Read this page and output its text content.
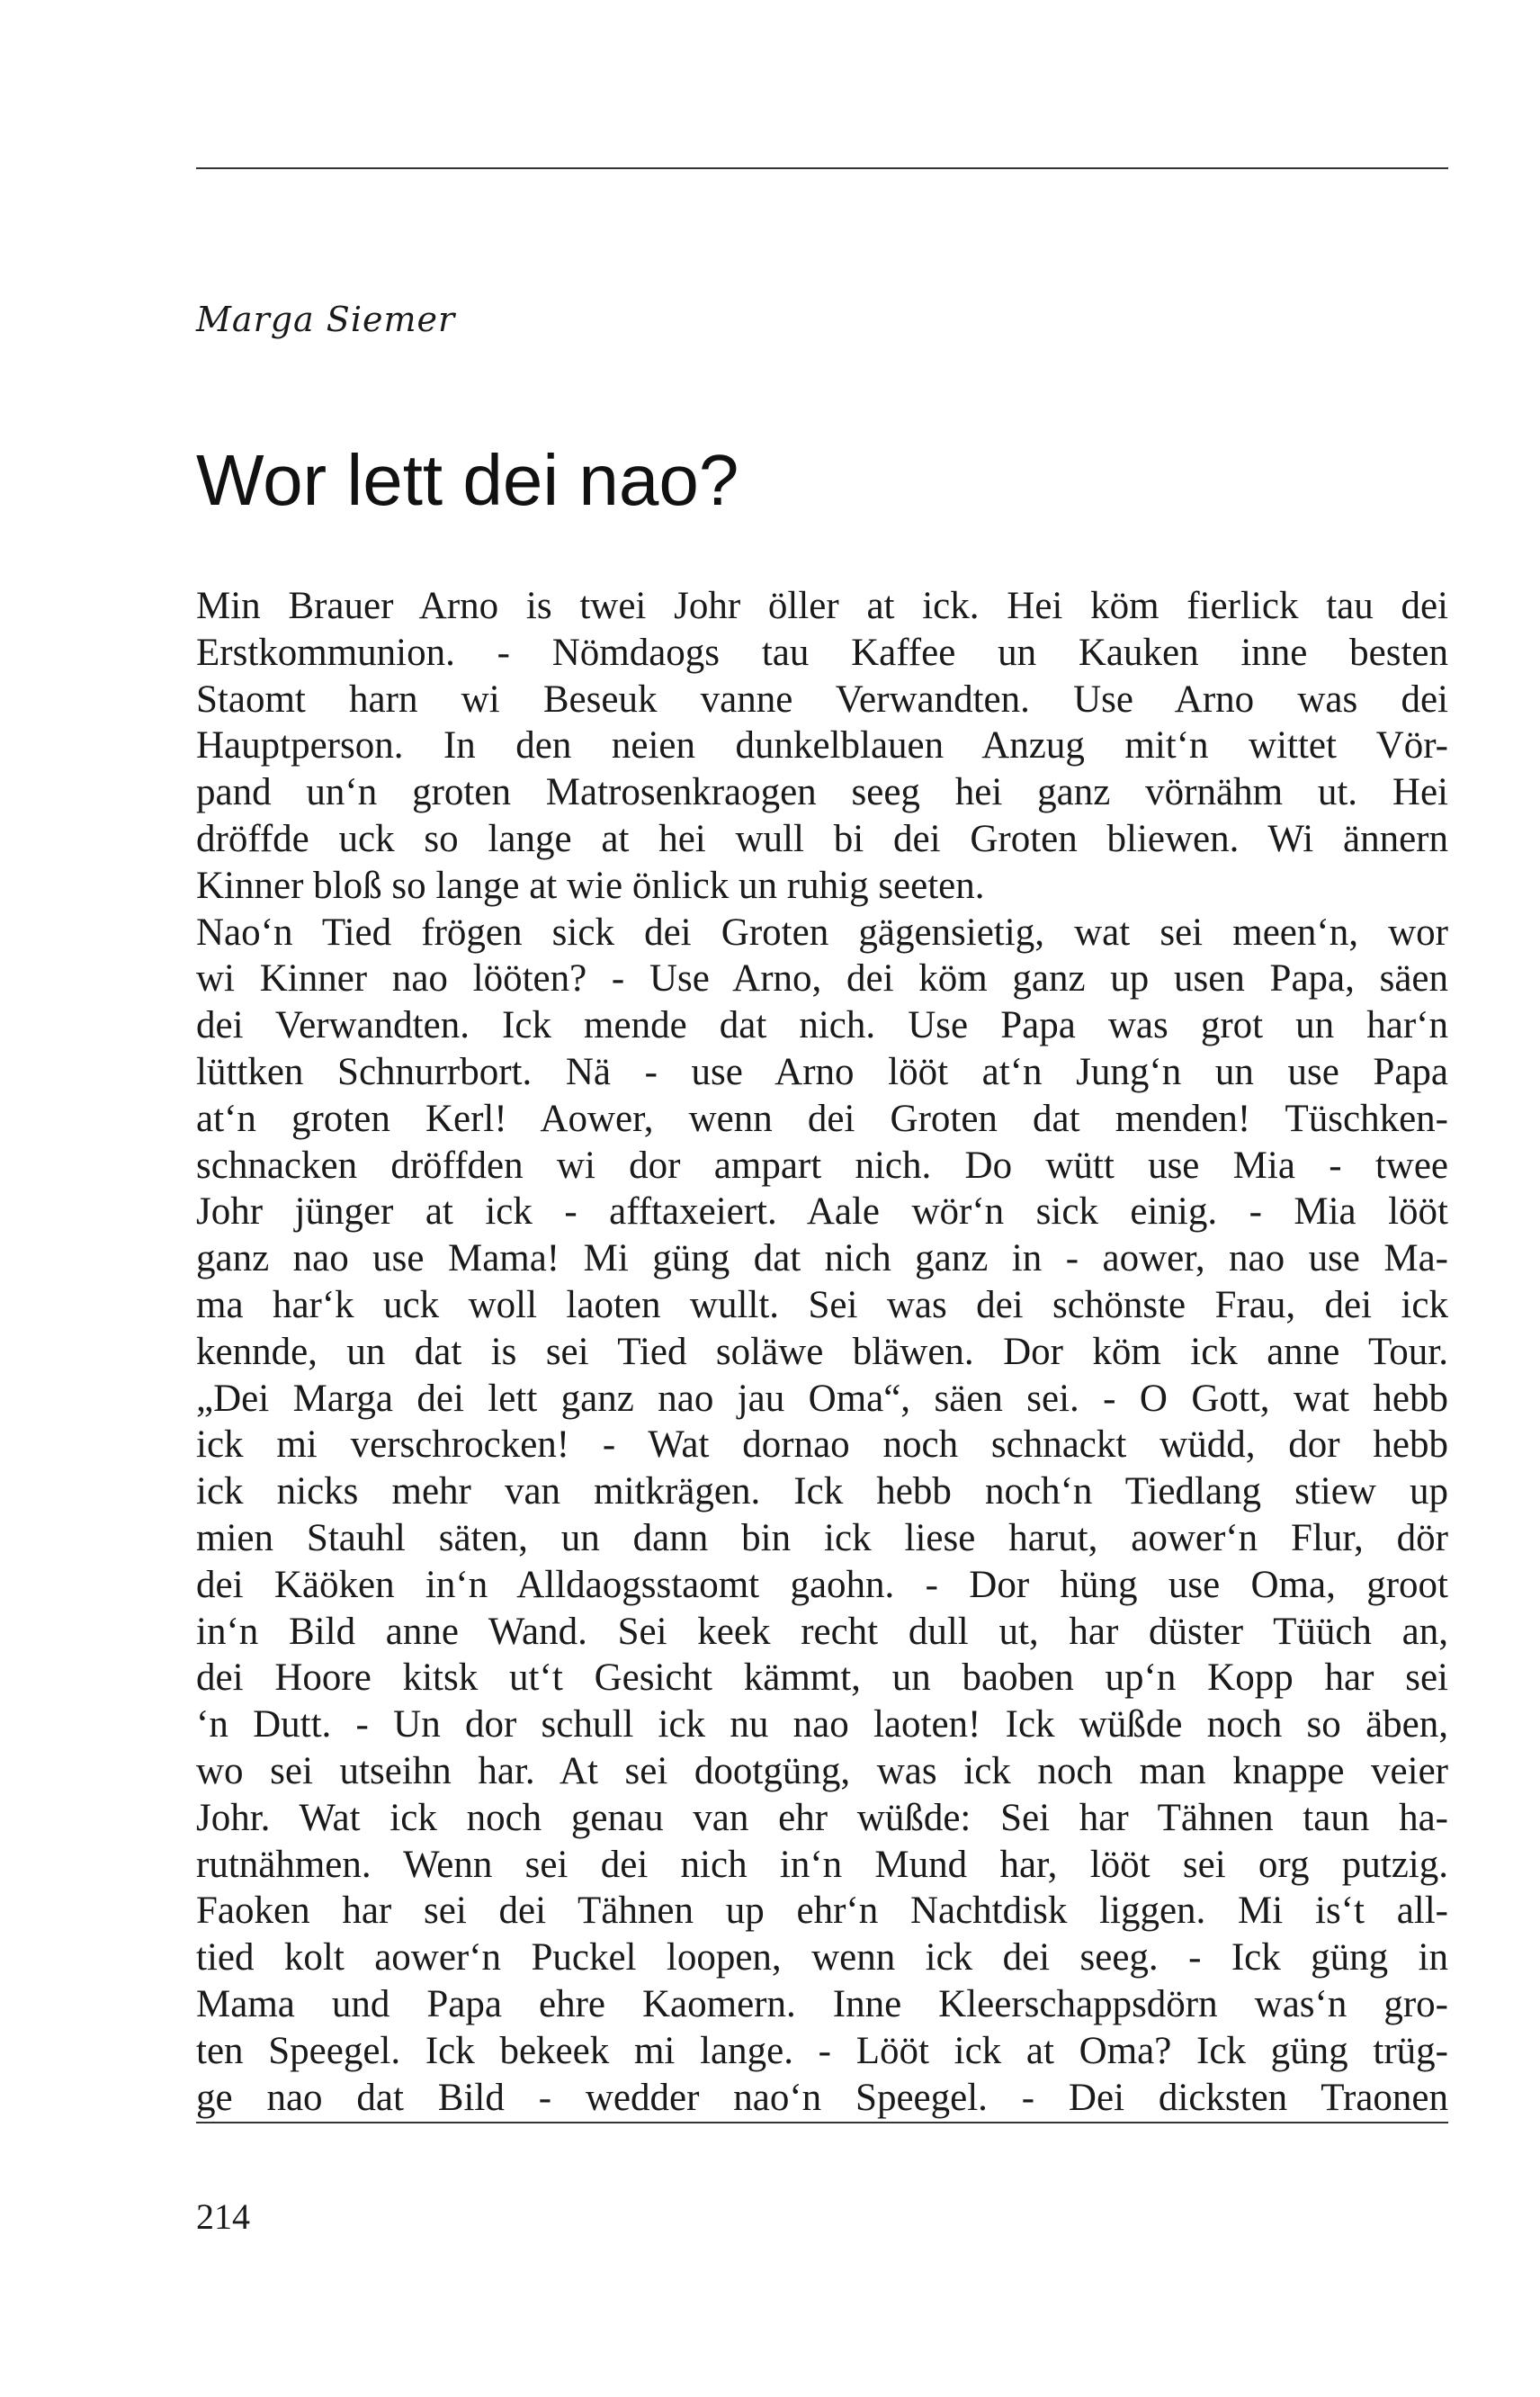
Marga Siemer

Wor lett dei nao?
Min Brauer Arno is twei Johr öller at ick. Hei köm fierlick tau dei
Erstkommunion. - Nömdaogs tau Kaffee un Kauken inne besten
Staomt harn wi Beseuk vanne Verwandten. Use Arno was dei
Hauptperson. In den neien dunkelblauen Anzug mit‘n wittet Vör-
pand un‘n groten Matrosenkraogen seeg hei ganz vörnähm ut. Hei
dröffde uck so lange at hei wull bi dei Groten bliewen. Wi ännern
Kinner bloß so lange at wie önlick un ruhig seeten.
Nao‘n Tied frögen sick dei Groten gägensietig, wat sei meen‘n, wor
wi Kinner nao lööten? - Use Arno, dei köm ganz up usen Papa, säen
dei Verwandten. Ick mende dat nich. Use Papa was grot un har‘n
lüttken Schnurrbort. Nä - use Arno lööt at‘n Jung‘n un use Papa
at‘n groten Kerl! Aower, wenn dei Groten dat menden! Tüschken-
schnacken dröffden wi dor ampart nich. Do wütt use Mia - twee
Johr jünger at ick - afftaxeiert. Aale wör‘n sick einig. - Mia lööt
ganz nao use Mama! Mi güng dat nich ganz in - aower, nao use Ma-
ma har‘k uck woll laoten wullt. Sei was dei schönste Frau, dei ick
kennde, un dat is sei Tied soläwe bläwen. Dor köm ick anne Tour.
„Dei Marga dei lett ganz nao jau Oma“, säen sei. - O Gott, wat hebb
ick mi verschrocken! - Wat dornao noch schnackt wüdd, dor hebb
ick nicks mehr van mitkrägen. Ick hebb noch‘n Tiedlang stiew up
mien Stauhl säten, un dann bin ick liese harut, aower‘n Flur, dör
dei Käöken in‘n Alldaogsstaomt gaohn. - Dor hüng use Oma, groot
in‘n Bild anne Wand. Sei keek recht dull ut, har düster Tüüch an,
dei Hoore kitsk ut‘t Gesicht kämmt, un baoben up‘n Kopp har sei
‘n Dutt. - Un dor schull ick nu nao laoten! Ick wüßde noch so äben,
wo sei utseihn har. At sei dootgüng, was ick noch man knappe veier
Johr. Wat ick noch genau van ehr wüßde: Sei har Tähnen taun ha-
rutnähmen. Wenn sei dei nich in‘n Mund har, lööt sei org putzig.
Faoken har sei dei Tähnen up ehr‘n Nachtdisk liggen. Mi is‘t all-
tied kolt aower‘n Puckel loopen, wenn ick dei seeg. - Ick güng in
Mama und Papa ehre Kaomern. Inne Kleerschappsdörn was‘n gro-
ten Speegel. Ick bekeek mi lange. - Lööt ick at Oma? Ick güng trüg-
ge nao dat Bild - wedder nao‘n Speegel. - Dei dicksten Traonen

214
